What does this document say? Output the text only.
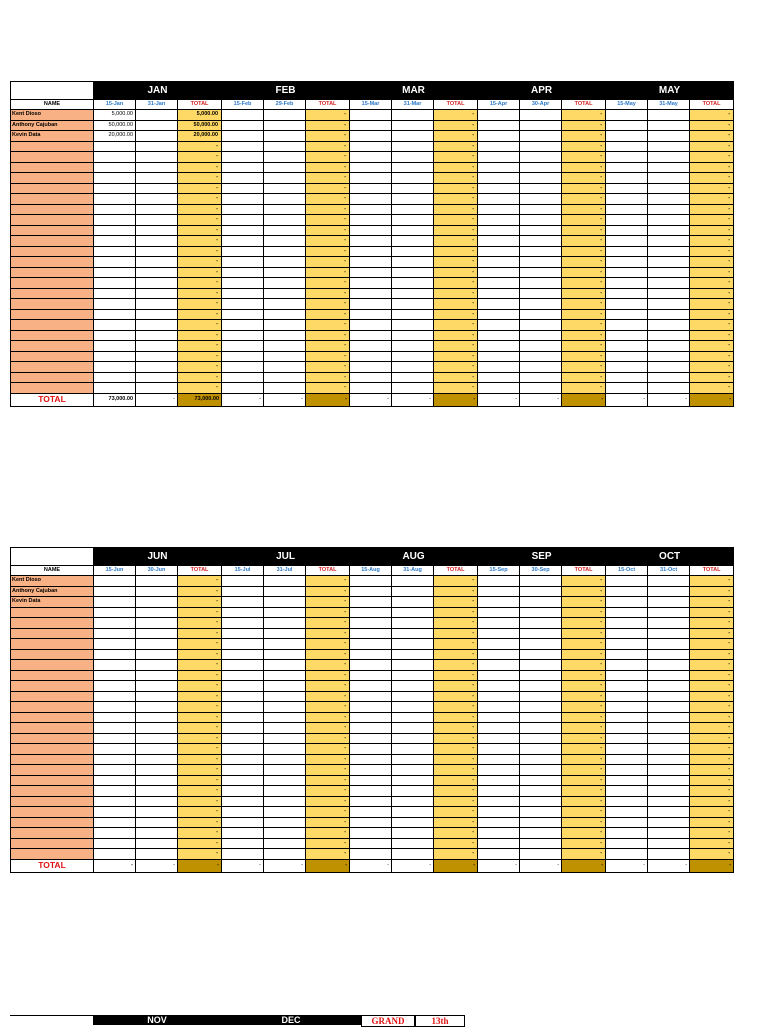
	JAN			FEB			MAR			APR			MAY		
NAME	15-Jan	31-Jan	TOTAL	15-Feb	29-Feb	TOTAL	15-Mar	31-Mar	TOTAL	15-Apr	30-Apr	TOTAL	15-May	31-May	TOTAL
Kent Dioso	5,000.00		5,000.00			-			-			-			-
Anthony Cajuban	50,000.00		50,000.00			-			-			-			-
Kevin Data	20,000.00		20,000.00			-			-			-			-
			-			-			-			-			-
			-			-			-			-			-
			-			-			-			-			-
			-			-			-			-			-
			-			-			-			-			-
			-			-			-			-			-
			-			-			-			-			-
			-			-			-			-			-
			-			-			-			-			-
			-			-			-			-			-
			-			-			-			-			-
			-			-			-			-			-
			-			-			-			-			-
			-			-			-			-			-
			-			-			-			-			-
			-			-			-			-			-
			-			-			-			-			-
			-			-			-			-			-
			-			-			-			-			-
			-			-			-			-			-
			-			-			-			-			-
			-			-			-			-			-
			-			-			-			-			-
			-			-			-			-			-
TOTAL	73,000.00	-	73,000.00	-	-	-	-	-	-	-	-	-	-	-	-
	JUN			JUL			AUG			SEP			OCT		
NAME	15-Jun	30-Jun	TOTAL	15-Jul	31-Jul	TOTAL	15-Aug	31-Aug	TOTAL	15-Sep	30-Sep	TOTAL	15-Oct	31-Oct	TOTAL
Kent Dioso			-			-			-			-			-
Anthony Cajuban			-			-			-			-			-
Kevin Data			-			-			-			-			-
			-			-			-			-			-
			-			-			-			-			-
			-			-			-			-			-
			-			-			-			-			-
			-			-			-			-			-
			-			-			-			-			-
			-			-			-			-			-
			-			-			-			-			-
			-			-			-			-			-
			-			-			-			-			-
			-			-			-			-			-
			-			-			-			-			-
			-			-			-			-			-
			-			-			-			-			-
			-			-			-			-			-
			-			-			-			-			-
			-			-			-			-			-
			-			-			-			-			-
			-			-			-			-			-
			-			-			-			-			-
			-			-			-			-			-
			-			-			-			-			-
			-			-			-			-			-
			-			-			-			-			-
TOTAL	-	-	-	-	-	-	-	-	-	-	-	-	-	-	-
NOV	DEC	GRAND	13th
